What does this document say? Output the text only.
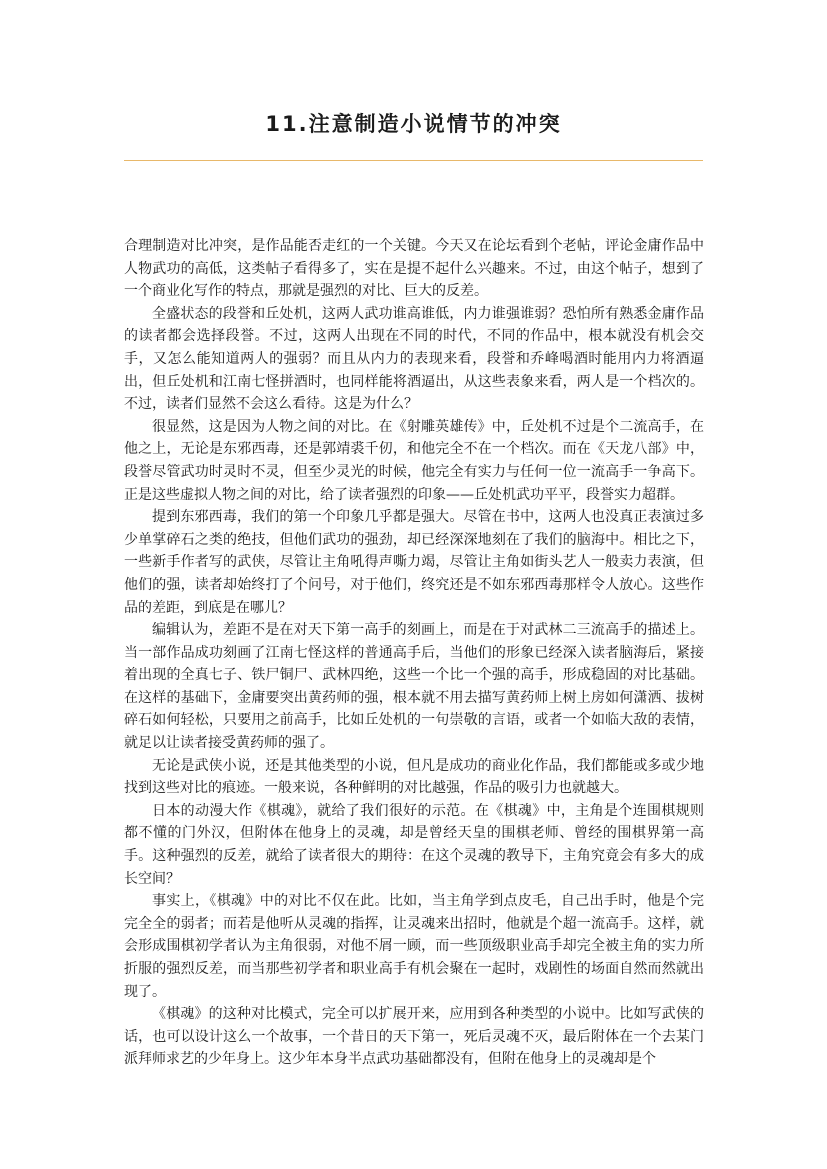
11.注意制造小说情节的冲突

合理制造对比冲突，是作品能否走红的一个关键。今天又在论坛看到个老帖，评论金庸作品中人物武功的高低，这类帖子看得多了，实在是提不起什么兴趣来。不过，由这个帖子，想到了一个商业化写作的特点，那就是强烈的对比、巨大的反差。

全盛状态的段誉和丘处机，这两人武功谁高谁低，内力谁强谁弱？恐怕所有熟悉金庸作品的读者都会选择段誉。不过，这两人出现在不同的时代，不同的作品中，根本就没有机会交手，又怎么能知道两人的强弱？而且从内力的表现来看，段誉和乔峰喝酒时能用内力将酒逼出，但丘处机和江南七怪拼酒时，也同样能将酒逼出，从这些表象来看，两人是一个档次的。不过，读者们显然不会这么看待。这是为什么？

很显然，这是因为人物之间的对比。在《射雕英雄传》中，丘处机不过是个二流高手，在他之上，无论是东邪西毒，还是郭靖裘千仞，和他完全不在一个档次。而在《天龙八部》中，段誉尽管武功时灵时不灵，但至少灵光的时候，他完全有实力与任何一位一流高手一争高下。正是这些虚拟人物之间的对比，给了读者强烈的印象——丘处机武功平平，段誉实力超群。

提到东邪西毒，我们的第一个印象几乎都是强大。尽管在书中，这两人也没真正表演过多少单掌碎石之类的绝技，但他们武功的强劲，却已经深深地刻在了我们的脑海中。相比之下，一些新手作者写的武侠，尽管让主角吼得声嘶力竭，尽管让主角如街头艺人一般卖力表演，但他们的强，读者却始终打了个问号，对于他们，终究还是不如东邪西毒那样令人放心。这些作品的差距，到底是在哪儿？

编辑认为，差距不是在对天下第一高手的刻画上，而是在于对武林二三流高手的描述上。当一部作品成功刻画了江南七怪这样的普通高手后，当他们的形象已经深入读者脑海后，紧接着出现的全真七子、铁尸铜尸、武林四绝，这些一个比一个强的高手，形成稳固的对比基础。在这样的基础下，金庸要突出黄药师的强，根本就不用去描写黄药师上树上房如何潇洒、拔树碎石如何轻松，只要用之前高手，比如丘处机的一句崇敬的言语，或者一个如临大敌的表情，就足以让读者接受黄药师的强了。

无论是武侠小说，还是其他类型的小说，但凡是成功的商业化作品，我们都能或多或少地找到这些对比的痕迹。一般来说，各种鲜明的对比越强，作品的吸引力也就越大。

日本的动漫大作《棋魂》，就给了我们很好的示范。在《棋魂》中，主角是个连围棋规则都不懂的门外汉，但附体在他身上的灵魂，却是曾经天皇的围棋老师、曾经的围棋界第一高手。这种强烈的反差，就给了读者很大的期待：在这个灵魂的教导下，主角究竟会有多大的成长空间？

事实上，《棋魂》中的对比不仅在此。比如，当主角学到点皮毛，自己出手时，他是个完完全全的弱者；而若是他听从灵魂的指挥，让灵魂来出招时，他就是个超一流高手。这样，就会形成围棋初学者认为主角很弱，对他不屑一顾，而一些顶级职业高手却完全被主角的实力所折服的强烈反差，而当那些初学者和职业高手有机会聚在一起时，戏剧性的场面自然而然就出现了。

《棋魂》的这种对比模式，完全可以扩展开来，应用到各种类型的小说中。比如写武侠的话，也可以设计这么一个故事，一个昔日的天下第一，死后灵魂不灭，最后附体在一个去某门派拜师求艺的少年身上。这少年本身半点武功基础都没有，但附在他身上的灵魂却是个
